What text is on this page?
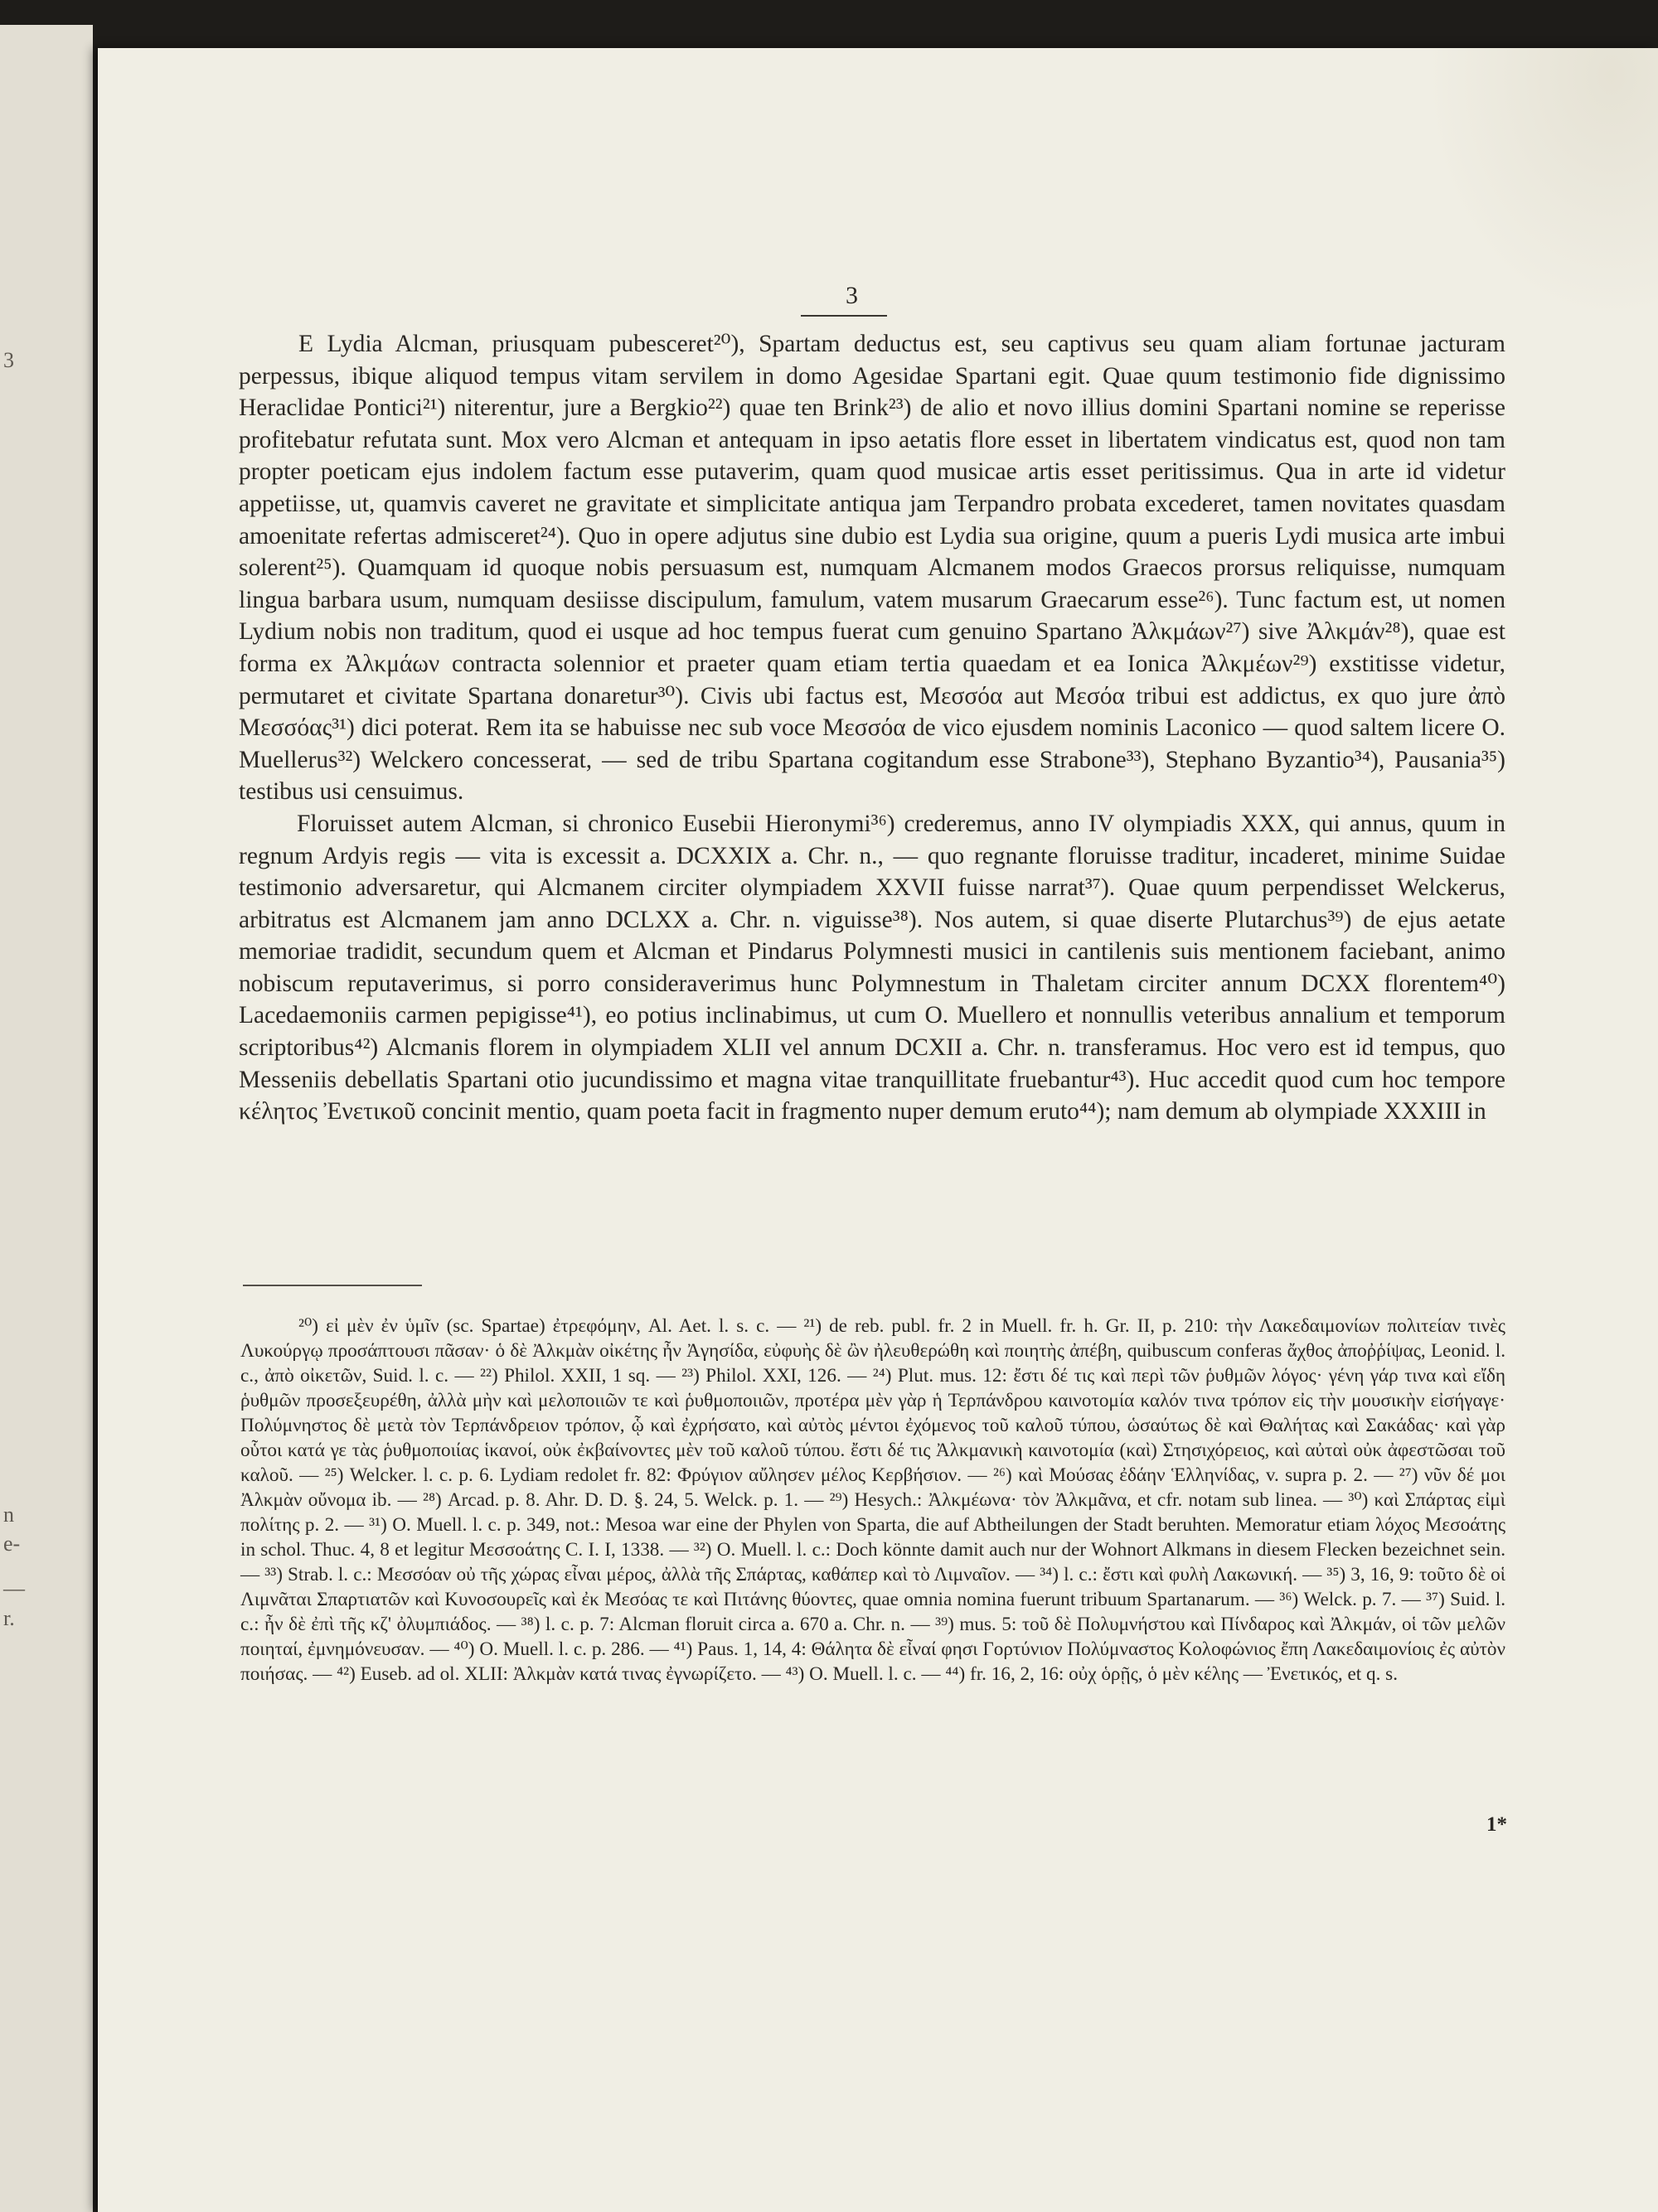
3
n
e-
—
r.
3

E Lydia Alcman, priusquam pubesceret²⁰), Spartam deductus est, seu captivus seu quam aliam fortunae jacturam perpessus, ibique aliquod tempus vitam servilem in domo Agesidae Spartani egit. Quae quum testimonio fide dignissimo Heraclidae Pontici²¹) niterentur, jure a Bergkio²²) quae ten Brink²³) de alio et novo illius domini Spartani nomine se reperisse profitebatur refutata sunt. Mox vero Alcman et antequam in ipso aetatis flore esset in libertatem vindicatus est, quod non tam propter poeticam ejus indolem factum esse putaverim, quam quod musicae artis esset peritissimus. Qua in arte id videtur appetiisse, ut, quamvis caveret ne gravitate et simplicitate antiqua jam Terpandro probata excederet, tamen novitates quasdam amoenitate refertas admisceret²⁴). Quo in opere adjutus sine dubio est Lydia sua origine, quum a pueris Lydi musica arte imbui solerent²⁵). Quamquam id quoque nobis persuasum est, numquam Alcmanem modos Graecos prorsus reliquisse, numquam lingua barbara usum, numquam desiisse discipulum, famulum, vatem musarum Graecarum esse²⁶). Tunc factum est, ut nomen Lydium nobis non traditum, quod ei usque ad hoc tempus fuerat cum genuino Spartano Ἀλκμάων²⁷) sive Ἀλκμάν²⁸), quae est forma ex Ἀλκμάων contracta solennior et praeter quam etiam tertia quaedam et ea Ionica Ἀλκμέων²⁹) exstitisse videtur, permutaret et civitate Spartana donaretur³⁰). Civis ubi factus est, Μεσσόα aut Μεσόα tribui est addictus, ex quo jure ἀπὸ Μεσσόας³¹) dici poterat. Rem ita se habuisse nec sub voce Μεσσόα de vico ejusdem nominis Laconico — quod saltem licere O. Muellerus³²) Welckero concesserat, — sed de tribu Spartana cogitandum esse Strabone³³), Stephano Byzantio³⁴), Pausania³⁵) testibus usi censuimus.

Floruisset autem Alcman, si chronico Eusebii Hieronymi³⁶) crederemus, anno IV olympiadis XXX, qui annus, quum in regnum Ardyis regis — vita is excessit a. DCXXIX a. Chr. n., — quo regnante floruisse traditur, incaderet, minime Suidae testimonio adversaretur, qui Alcmanem circiter olympiadem XXVII fuisse narrat³⁷). Quae quum perpendisset Welckerus, arbitratus est Alcmanem jam anno DCLXX a. Chr. n. viguisse³⁸). Nos autem, si quae diserte Plutarchus³⁹) de ejus aetate memoriae tradidit, secundum quem et Alcman et Pindarus Polymnesti musici in cantilenis suis mentionem faciebant, animo nobiscum reputaverimus, si porro consideraverimus hunc Polymnestum in Thaletam circiter annum DCXX florentem⁴⁰) Lacedaemoniis carmen pepigisse⁴¹), eo potius inclinabimus, ut cum O. Muellero et nonnullis veteribus annalium et temporum scriptoribus⁴²) Alcmanis florem in olympiadem XLII vel annum DCXII a. Chr. n. transferamus. Hoc vero est id tempus, quo Messeniis debellatis Spartani otio jucundissimo et magna vitae tranquillitate fruebantur⁴³). Huc accedit quod cum hoc tempore κέλητος Ἐνετικοῦ concinit mentio, quam poeta facit in fragmento nuper demum eruto⁴⁴); nam demum ab olympiade XXXIII in

²⁰) εἰ μὲν ἐν ὑμῖν (sc. Spartae) ἐτρεφόμην, Al. Aet. l. s. c. — ²¹) de reb. publ. fr. 2 in Muell. fr. h. Gr. II, p. 210: τὴν Λακεδαιμονίων πολιτείαν τινὲς Λυκούργῳ προσάπτουσι πᾶσαν· ὁ δὲ Ἀλκμὰν οἰκέτης ἦν Ἀγησίδα, εὐφυὴς δὲ ὢν ἠλευθερώθη καὶ ποιητὴς ἀπέβη, quibuscum conferas ἄχθος ἀποῤῥίψας, Leonid. l. c., ἀπὸ οἰκετῶν, Suid. l. c. — ²²) Philol. XXII, 1 sq. — ²³) Philol. XXI, 126. — ²⁴) Plut. mus. 12: ἔστι δέ τις καὶ περὶ τῶν ῥυθμῶν λόγος· γένη γάρ τινα καὶ εἴδη ῥυθμῶν προσεξευρέθη, ἀλλὰ μὴν καὶ μελοποιιῶν τε καὶ ῥυθμοποιιῶν, προτέρα μὲν γὰρ ἡ Τερπάνδρου καινοτομία καλόν τινα τρόπον εἰς τὴν μουσικὴν εἰσήγαγε· Πολύμνηστος δὲ μετὰ τὸν Τερπάνδρειον τρόπον, ᾧ καὶ ἐχρήσατο, καὶ αὐτὸς μέντοι ἐχόμενος τοῦ καλοῦ τύπου, ὡσαύτως δὲ καὶ Θαλήτας καὶ Σακάδας· καὶ γὰρ οὗτοι κατά γε τὰς ῥυθμοποιίας ἱκανοί, οὐκ ἐκβαίνοντες μὲν τοῦ καλοῦ τύπου. ἔστι δέ τις Ἀλκμανικὴ καινοτομία (καὶ) Στησιχόρειος, καὶ αὐταὶ οὐκ ἀφεστῶσαι τοῦ καλοῦ. — ²⁵) Welcker. l. c. p. 6. Lydiam redolet fr. 82: Φρύγιον αὔλησεν μέλος Κερβήσιον. — ²⁶) καὶ Μούσας ἐδάην Ἑλληνίδας, v. supra p. 2. — ²⁷) νῦν δέ μοι Ἀλκμὰν οὔνομα ib. — ²⁸) Arcad. p. 8. Ahr. D. D. §. 24, 5. Welck. p. 1. — ²⁹) Hesych.: Ἀλκμέωνα· τὸν Ἀλκμᾶνα, et cfr. notam sub linea. — ³⁰) καὶ Σπάρτας εἰμὶ πολίτης p. 2. — ³¹) O. Muell. l. c. p. 349, not.: Mesoa war eine der Phylen von Sparta, die auf Abtheilungen der Stadt beruhten. Memoratur etiam λόχος Μεσοάτης in schol. Thuc. 4, 8 et legitur Μεσσοάτης C. I. I, 1338. — ³²) O. Muell. l. c.: Doch könnte damit auch nur der Wohnort Alkmans in diesem Flecken bezeichnet sein. — ³³) Strab. l. c.: Μεσσόαν οὐ τῆς χώρας εἶναι μέρος, ἀλλὰ τῆς Σπάρτας, καθάπερ καὶ τὸ Λιμναῖον. — ³⁴) l. c.: ἔστι καὶ φυλὴ Λακωνική. — ³⁵) 3, 16, 9: τοῦτο δὲ οἱ Λιμνᾶται Σπαρτιατῶν καὶ Κυνοσουρεῖς καὶ ἐκ Μεσόας τε καὶ Πιτάνης θύοντες, quae omnia nomina fuerunt tribuum Spartanarum. — ³⁶) Welck. p. 7. — ³⁷) Suid. l. c.: ἦν δὲ ἐπὶ τῆς κζ' ὀλυμπιάδος. — ³⁸) l. c. p. 7: Alcman floruit circa a. 670 a. Chr. n. — ³⁹) mus. 5: τοῦ δὲ Πολυμνήστου καὶ Πίνδαρος καὶ Ἀλκμάν, οἱ τῶν μελῶν ποιηταί, ἐμνημόνευσαν. — ⁴⁰) O. Muell. l. c. p. 286. — ⁴¹) Paus. 1, 14, 4: Θάλητα δὲ εἶναί φησι Γορτύνιον Πολύμναστος Κολοφώνιος ἔπη Λακεδαιμονίοις ἐς αὐτὸν ποιήσας. — ⁴²) Euseb. ad ol. XLII: Ἀλκμὰν κατά τινας ἐγνωρίζετο. — ⁴³) O. Muell. l. c. — ⁴⁴) fr. 16, 2, 16: οὐχ ὁρῇς, ὁ μὲν κέλης — Ἐνετικός, et q. s.

1*
